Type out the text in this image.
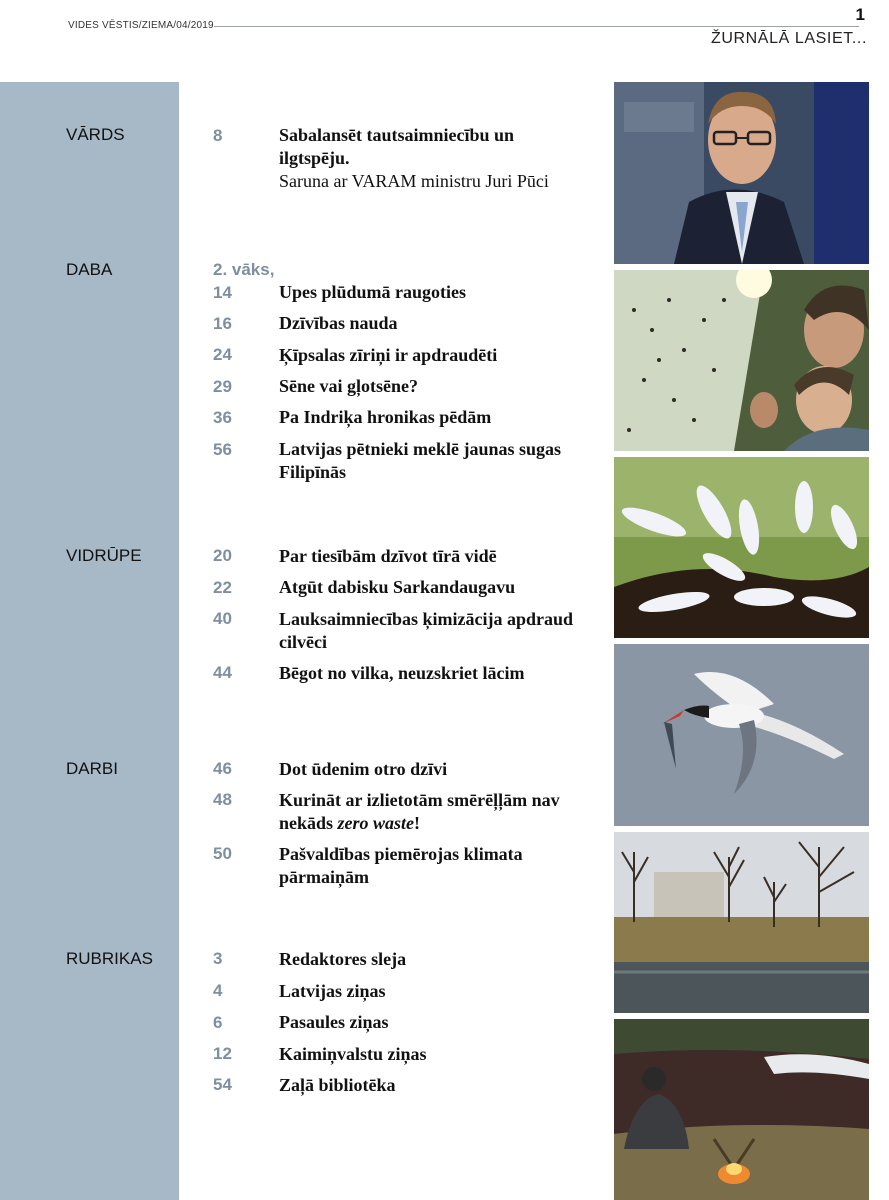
VIDES VĒSTIS/ZIEMA/04/2019
1
ŽURNĀLĀ LASIET...
VĀRDS	8	Sabalansēt tautsaimniecību un ilgtspēju.
Saruna ar VARAM ministru Juri Pūci
DABA	2. vāks,
14	Upes plūdumā raugoties
16	Dzīvības nauda
24	Ķīpsalas zīriņi ir apdraudēti
29	Sēne vai gļotsēne?
36	Pa Indriķa hronikas pēdām
56	Latvijas pētnieki meklē jaunas sugas Filipīnās
VIDRŪPE	20	Par tiesībām dzīvot tīrā vidē
22	Atgūt dabisku Sarkandaugavu
40	Lauksaimniecības ķimizācija apdraud cilvēci
44	Bēgot no vilka, neuzskriet lācim
DARBI	46	Dot ūdenim otro dzīvi
48	Kurināt ar izlietotām smērēļļām nav nekāds zero waste!
50	Pašvaldības piemērojas klimata pārmaiņām
RUBRIKAS	3	Redaktores sleja
4	Latvijas ziņas
6	Pasaules ziņas
12	Kaimiņvalstu ziņas
54	Zaļā bibliotēka
